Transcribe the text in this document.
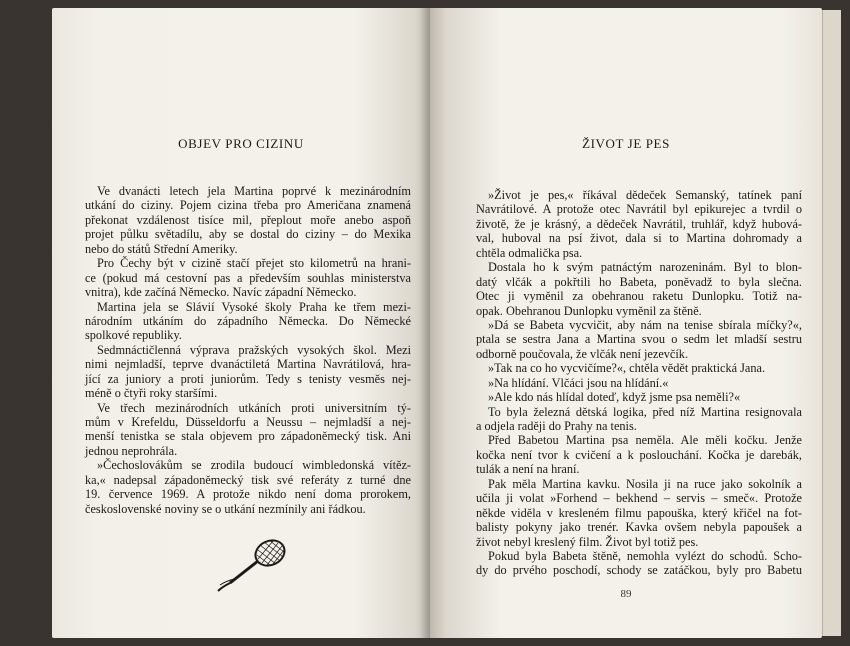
OBJEV PRO CIZINU
Ve dvanácti letech jela Martina poprvé k mezinárodním
utkání do ciziny. Pojem cizina třeba pro Američana znamená
překonat vzdálenost tisíce mil, přeplout moře anebo aspoň
projet půlku světadílu, aby se dostal do ciziny – do Mexika
nebo do států Střední Ameriky.
Pro Čechy být v cizině stačí přejet sto kilometrů na hrani-
ce (pokud má cestovní pas a především souhlas ministerstva
vnitra), kde začíná Německo. Navíc západní Německo.
Martina jela se Slávií Vysoké školy Praha ke třem mezi-
národním utkáním do západního Německa. Do Německé
spolkové republiky.
Sedmnáctičlenná výprava pražských vysokých škol. Mezi
nimi nejmladší, teprve dvanáctiletá Martina Navrátilová, hra-
jící za juniory a proti juniorům. Tedy s tenisty vesměs nej-
méně o čtyři roky staršími.
Ve třech mezinárodních utkáních proti universitním tý-
mům v Krefeldu, Düsseldorfu a Neussu – nejmladší a nej-
menší tenistka se stala objevem pro západoněmecký tisk. Ani
jednou neprohrála.
»Čechoslovákům se zrodila budoucí wimbledonská vítěz-
ka,« nadepsal západoněmecký tisk své referáty z turné dne
19. července 1969. A protože nikdo není doma prorokem,
československé noviny se o utkání nezmínily ani řádkou.
ŽIVOT JE PES
»Život je pes,« říkával dědeček Semanský, tatínek paní
Navrátilové. A protože otec Navrátil byl epikurejec a tvrdil o
životě, že je krásný, a dědeček Navrátil, truhlář, když hubová-
val, huboval na psí život, dala si to Martina dohromady a
chtěla odmalička psa.
Dostala ho k svým patnáctým narozeninám. Byl to blon-
datý vlčák a pokřtili ho Babeta, poněvadž to byla slečna.
Otec ji vyměnil za obehranou raketu Dunlopku. Totiž na-
opak. Obehranou Dunlopku vyměnil za štěně.
»Dá se Babeta vycvičit, aby nám na tenise sbírala míčky?«,
ptala se sestra Jana a Martina svou o sedm let mladší sestru
odborně poučovala, že vlčák není jezevčík.
»Tak na co ho vycvičíme?«, chtěla vědět praktická Jana.
»Na hlídání. Vlčáci jsou na hlídání.«
»Ale kdo nás hlídal doteď, když jsme psa neměli?«
To byla železná dětská logika, před níž Martina resignovala
a odjela raději do Prahy na tenis.
Před Babetou Martina psa neměla. Ale měli kočku. Jenže
kočka není tvor k cvičení a k poslouchání. Kočka je darebák,
tulák a není na hraní.
Pak měla Martina kavku. Nosila ji na ruce jako sokolník a
učila ji volat »Forhend – bekhend – servis – smeč«. Protože
někde viděla v kresleném filmu papouška, který křičel na fot-
balisty pokyny jako trenér. Kavka ovšem nebyla papoušek a
život nebyl kreslený film. Život byl totiž pes.
Pokud byla Babeta štěně, nemohla vylézt do schodů. Scho-
dy do prvého poschodí, schody se zatáčkou, byly pro Babetu
89
